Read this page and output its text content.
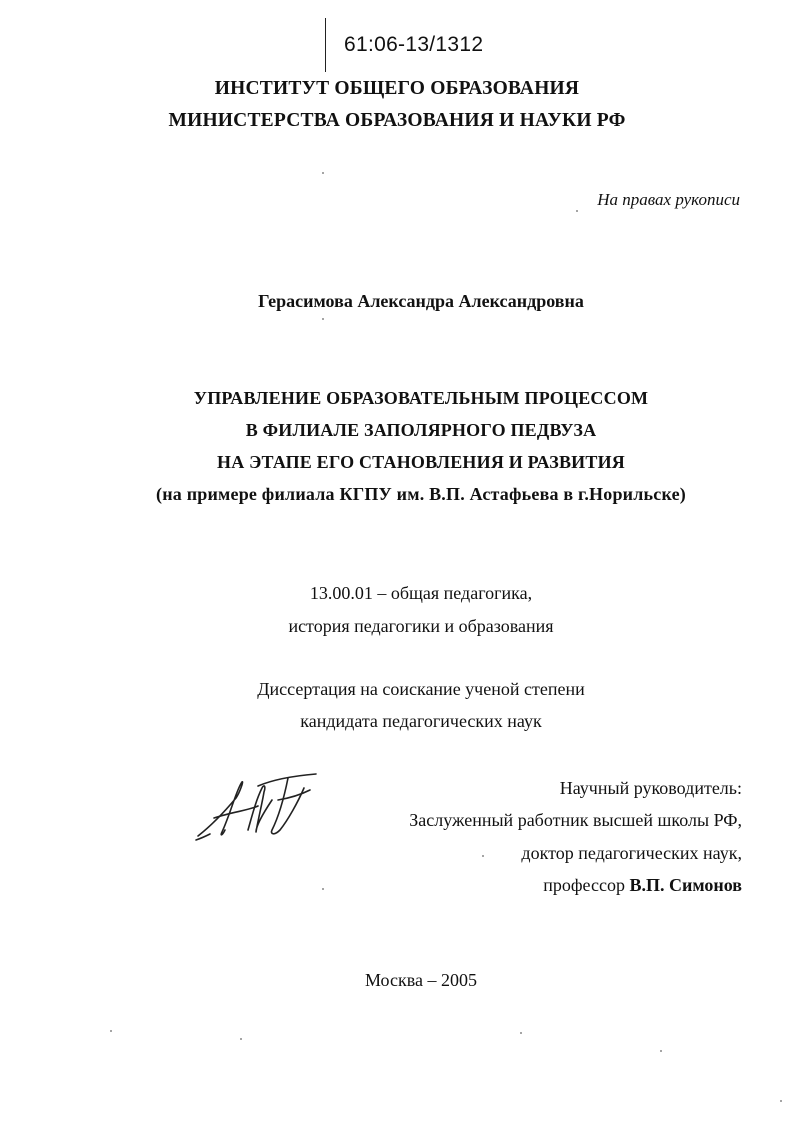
61:06-13/1312
ИНСТИТУТ ОБЩЕГО ОБРАЗОВАНИЯ
МИНИСТЕРСТВА ОБРАЗОВАНИЯ И НАУКИ РФ
На правах рукописи
Герасимова Александра Александровна
УПРАВЛЕНИЕ ОБРАЗОВАТЕЛЬНЫМ ПРОЦЕССОМ
В ФИЛИАЛЕ ЗАПОЛЯРНОГО ПЕДВУЗА
НА ЭТАПЕ ЕГО СТАНОВЛЕНИЯ И РАЗВИТИЯ
(на примере филиала КГПУ им. В.П. Астафьева в г.Норильске)
13.00.01 – общая педагогика,
история педагогики и образования
Диссертация на соискание ученой степени
кандидата педагогических наук
Научный руководитель:
Заслуженный работник высшей школы РФ,
доктор педагогических наук,
профессор В.П. Симонов
Москва – 2005
